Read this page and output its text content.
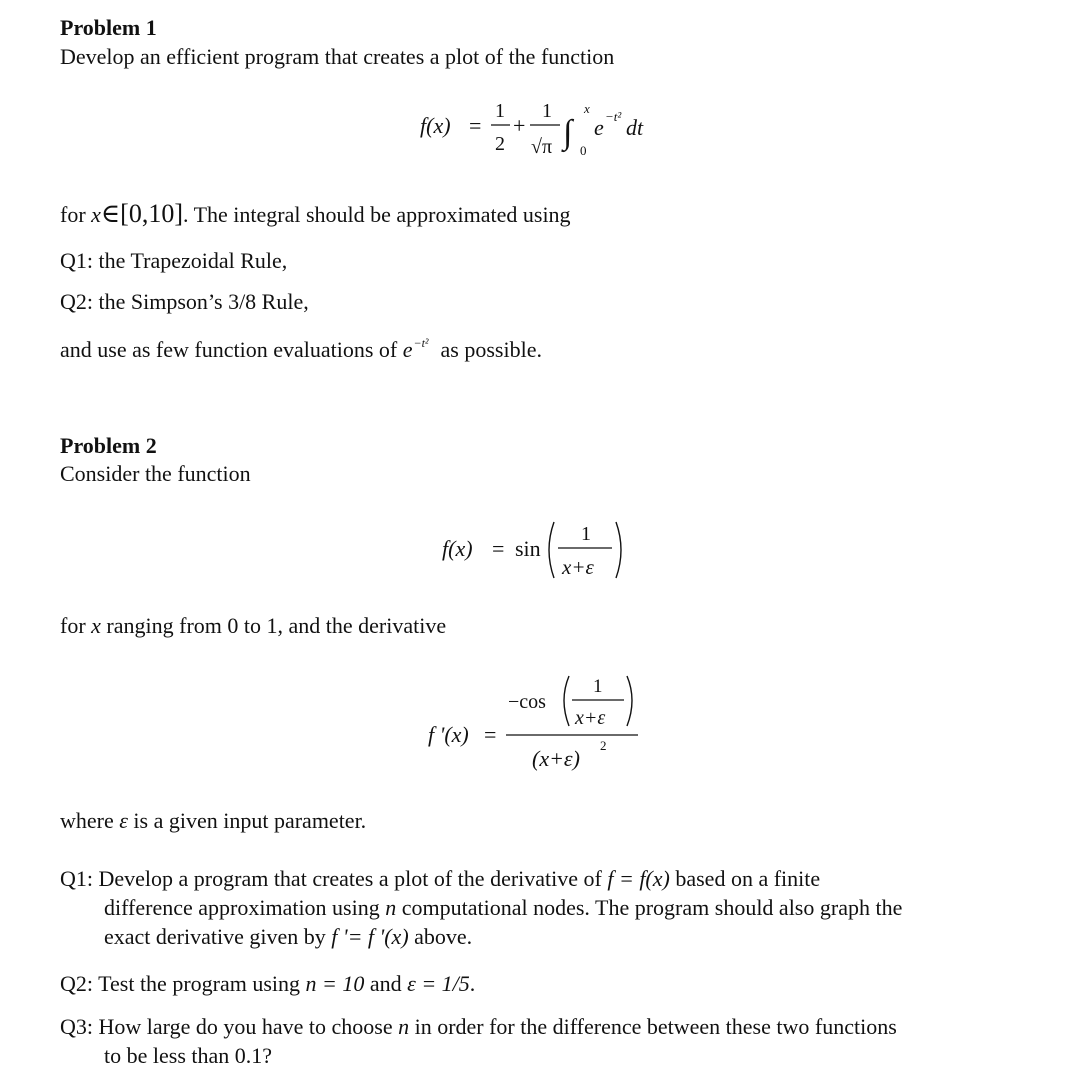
Problem 1
Develop an efficient program that creates a plot of the function
f(x) =
1
2
+
1
√π ∫
x
0
e −t² dt
for x∈[0,10]. The integral should be approximated using
Q1: the Trapezoidal Rule,
Q2: the Simpson’s 3/8 Rule,
and use as few function evaluations of $e^{-t^2}$ as possible.
Problem 2
Consider the function
f(x) = sin
1
x+ε
for x ranging from 0 to 1, and the derivative
f '(x) =
−cos
1
x+ε
(x+ε)
2
where ε is a given input parameter.
Q1: Develop a program that creates a plot of the derivative of f = f(x) based on a finite
difference approximation using n computational nodes. The program should also graph the
exact derivative given by f '= f '(x) above.
Q2: Test the program using n = 10 and ε = 1/5.
Q3: How large do you have to choose n in order for the difference between these two functions
to be less than 0.1?
